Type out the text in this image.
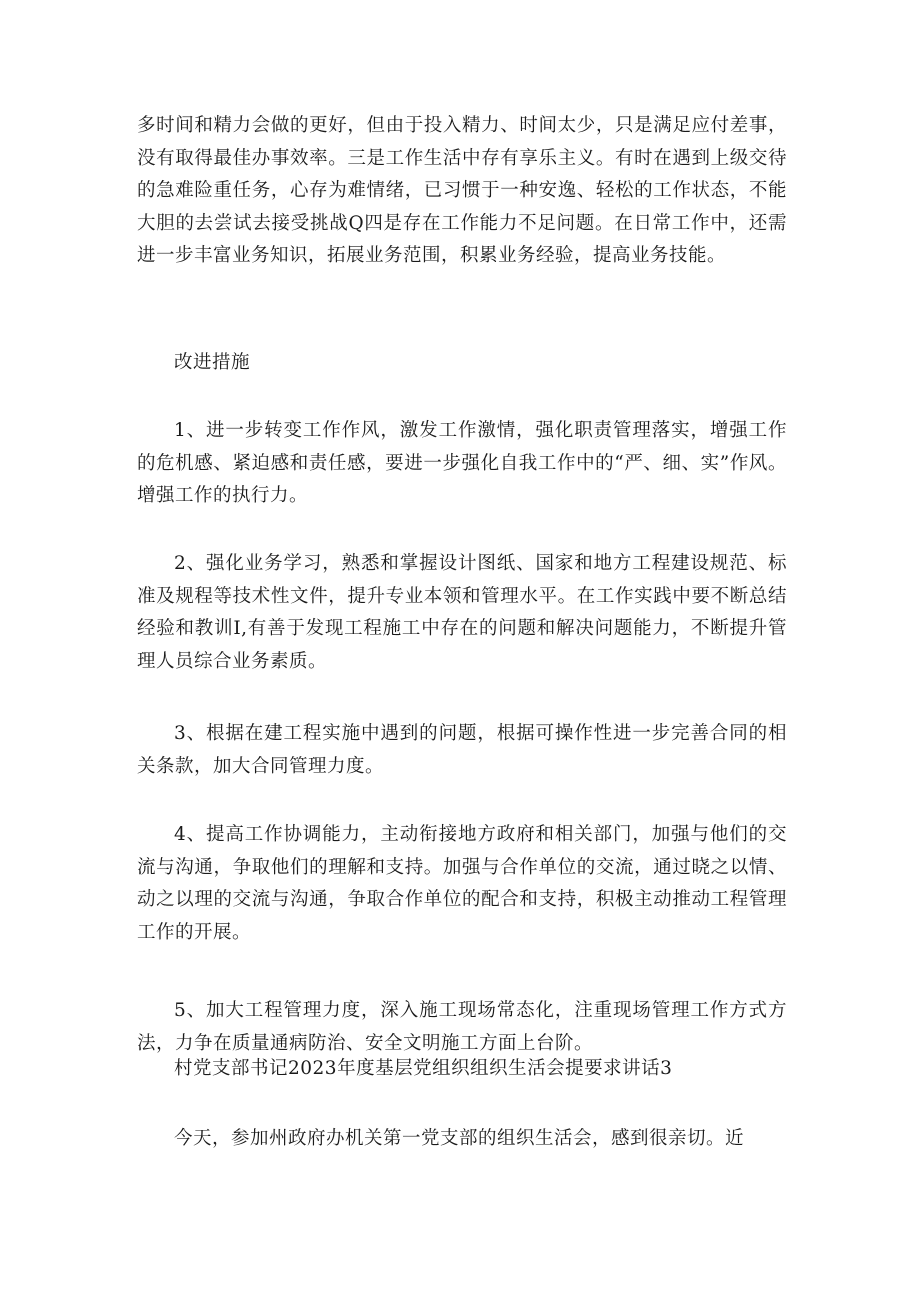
多时间和精力会做的更好，但由于投入精力、时间太少，只是满足应付差事，没有取得最佳办事效率。三是工作生活中存有享乐主义。有时在遇到上级交待的急难险重任务，心存为难情绪，已习惯于一种安逸、轻松的工作状态，不能大胆的去尝试去接受挑战Q四是存在工作能力不足问题。在日常工作中，还需进一步丰富业务知识，拓展业务范围，积累业务经验，提高业务技能。

改进措施

1、进一步转变工作作风，激发工作激情，强化职责管理落实，增强工作的危机感、紧迫感和责任感，要进一步强化自我工作中的“严、细、实”作风。增强工作的执行力。

2、强化业务学习，熟悉和掌握设计图纸、国家和地方工程建设规范、标准及规程等技术性文件，提升专业本领和管理水平。在工作实践中要不断总结经验和教训I,有善于发现工程施工中存在的问题和解决问题能力，不断提升管理人员综合业务素质。

3、根据在建工程实施中遇到的问题，根据可操作性进一步完善合同的相关条款，加大合同管理力度。

4、提高工作协调能力，主动衔接地方政府和相关部门，加强与他们的交流与沟通，争取他们的理解和支持。加强与合作单位的交流，通过晓之以情、动之以理的交流与沟通，争取合作单位的配合和支持，积极主动推动工程管理工作的开展。

5、加大工程管理力度，深入施工现场常态化，注重现场管理工作方式方法，力争在质量通病防治、安全文明施工方面上台阶。

村党支部书记2023年度基层党组织组织生活会提要求讲话3

今天，参加州政府办机关第一党支部的组织生活会，感到很亲切。近
